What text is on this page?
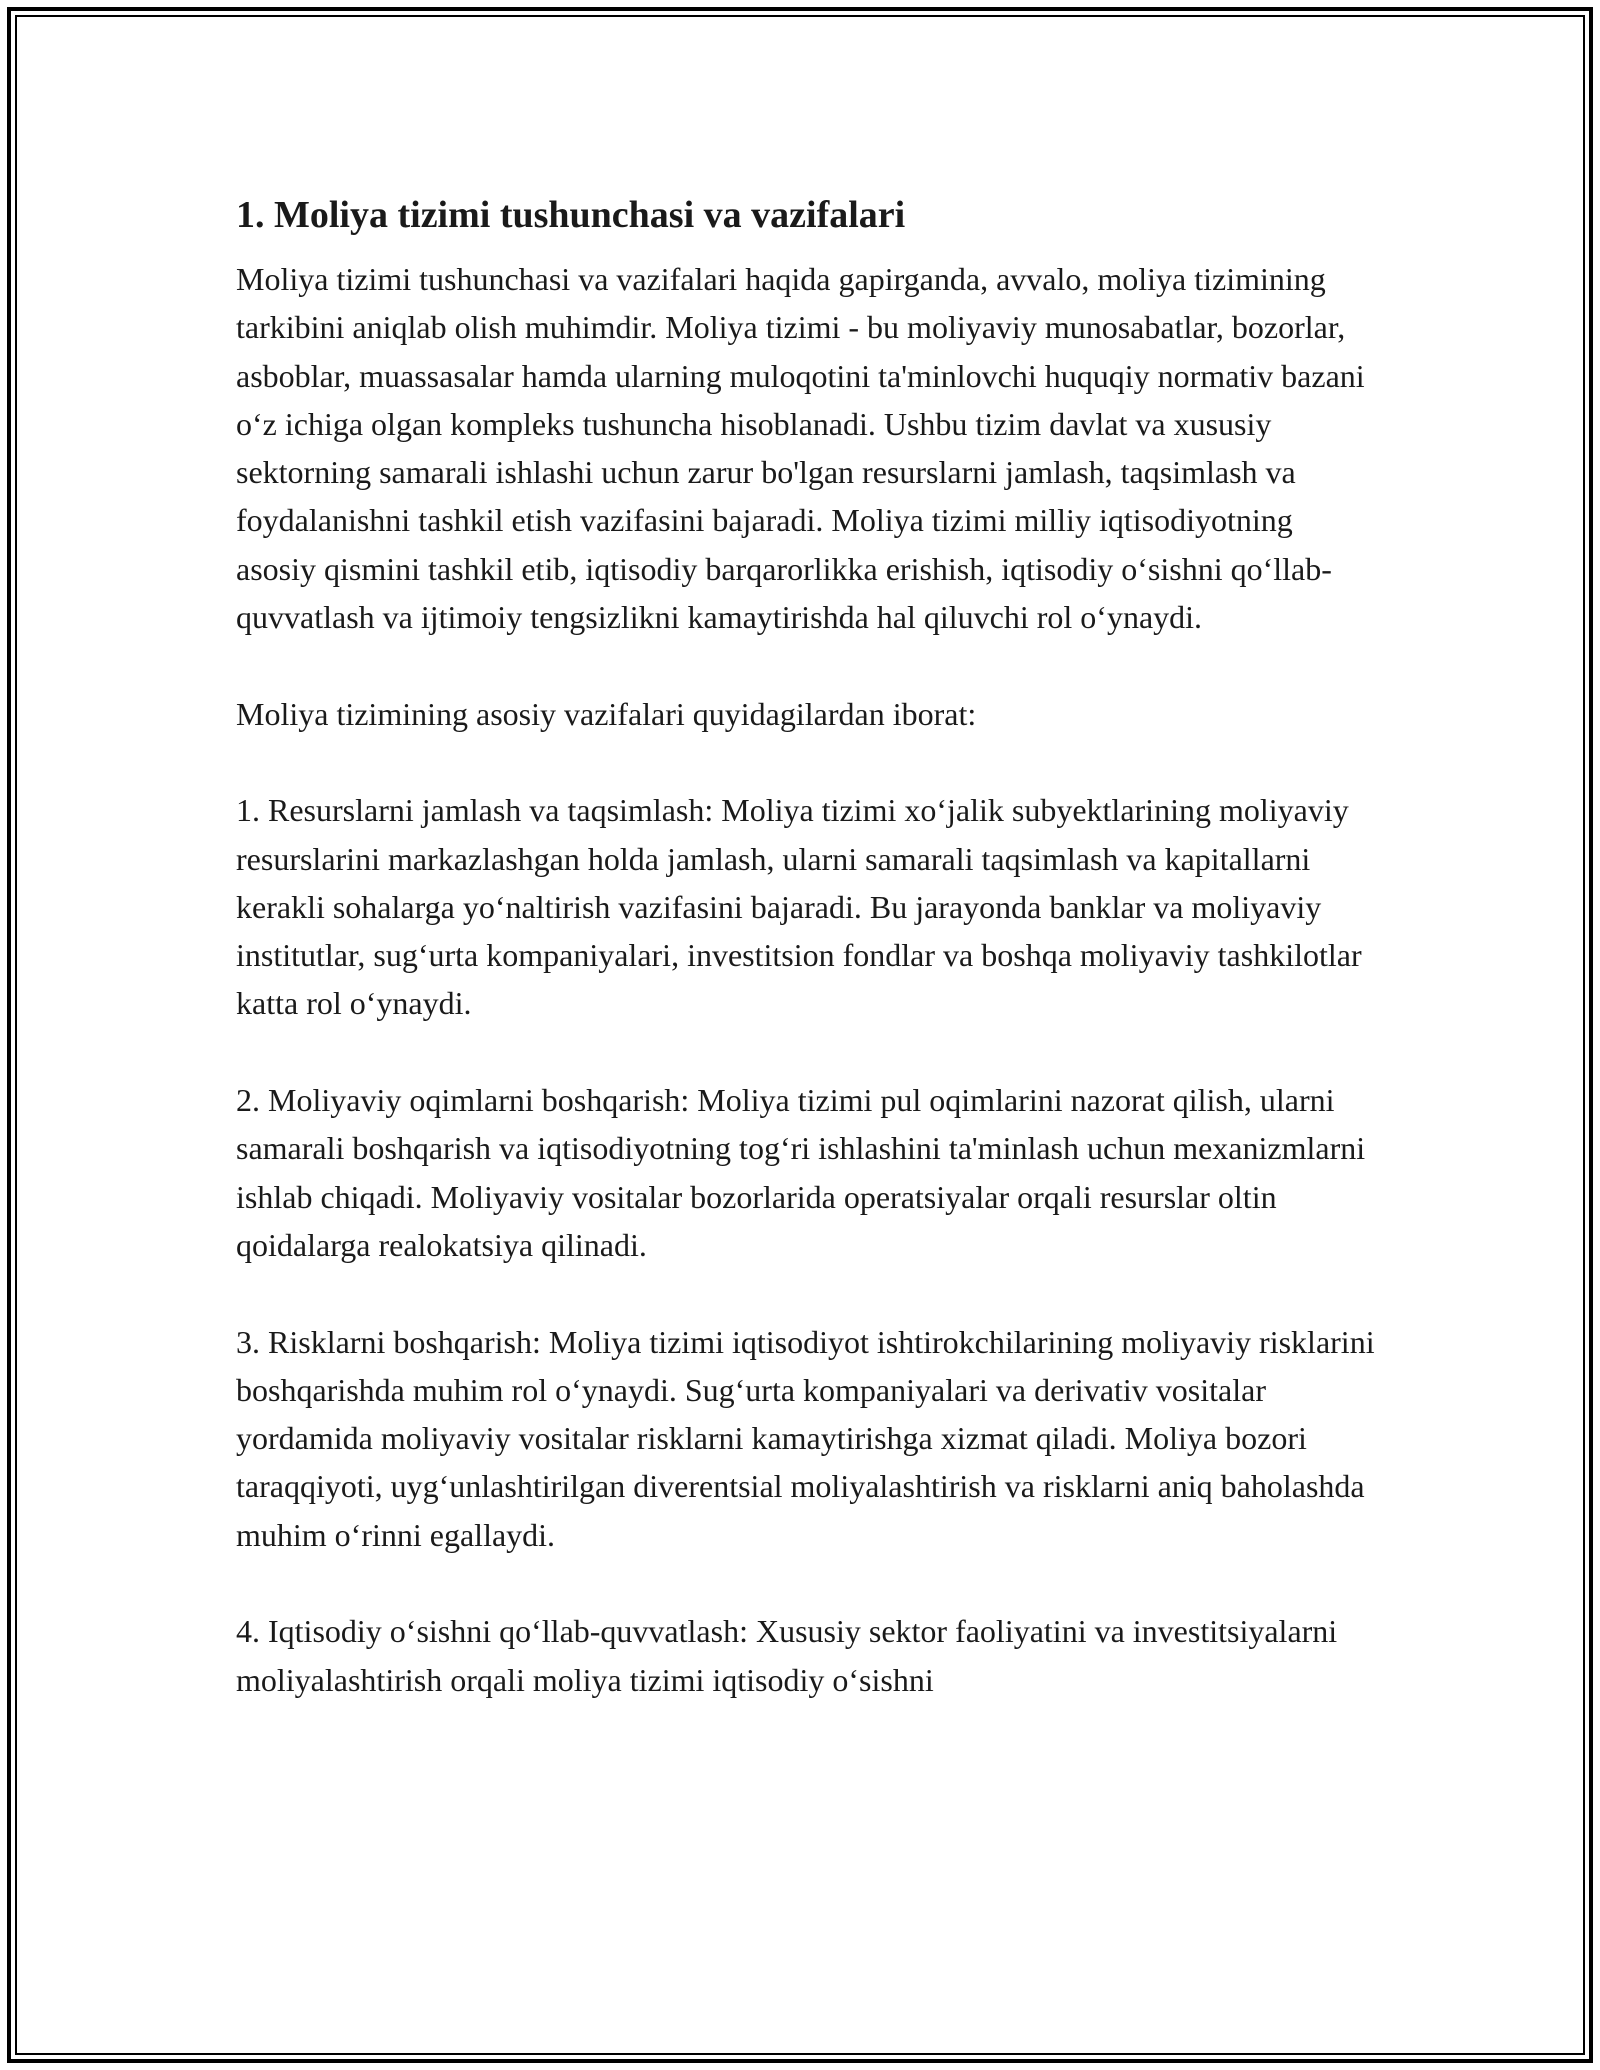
1. Moliya tizimi tushunchasi va vazifalari

Moliya tizimi tushunchasi va vazifalari haqida gapirganda, avvalo, moliya tizimining tarkibini aniqlab olish muhimdir. Moliya tizimi - bu moliyaviy munosabatlar, bozorlar, asboblar, muassasalar hamda ularning muloqotini ta'minlovchi huquqiy normativ bazani o‘z ichiga olgan kompleks tushuncha hisoblanadi. Ushbu tizim davlat va xususiy sektorning samarali ishlashi uchun zarur bo'lgan resurslarni jamlash, taqsimlash va foydalanishni tashkil etish vazifasini bajaradi. Moliya tizimi milliy iqtisodiyotning asosiy qismini tashkil etib, iqtisodiy barqarorlikka erishish, iqtisodiy o‘sishni qo‘llab-quvvatlash va ijtimoiy tengsizlikni kamaytirishda hal qiluvchi rol o‘ynaydi.

Moliya tizimining asosiy vazifalari quyidagilardan iborat:

1. Resurslarni jamlash va taqsimlash: Moliya tizimi xo‘jalik subyektlarining moliyaviy resurslarini markazlashgan holda jamlash, ularni samarali taqsimlash va kapitallarni kerakli sohalarga yo‘naltirish vazifasini bajaradi. Bu jarayonda banklar va moliyaviy institutlar, sug‘urta kompaniyalari, investitsion fondlar va boshqa moliyaviy tashkilotlar katta rol o‘ynaydi.

2. Moliyaviy oqimlarni boshqarish: Moliya tizimi pul oqimlarini nazorat qilish, ularni samarali boshqarish va iqtisodiyotning tog‘ri ishlashini ta'minlash uchun mexanizmlarni ishlab chiqadi. Moliyaviy vositalar bozorlarida operatsiyalar orqali resurslar oltin qoidalarga realokatsiya qilinadi.

3. Risklarni boshqarish: Moliya tizimi iqtisodiyot ishtirokchilarining moliyaviy risklarini boshqarishda muhim rol o‘ynaydi. Sug‘urta kompaniyalari va derivativ vositalar yordamida moliyaviy vositalar risklarni kamaytirishga xizmat qiladi. Moliya bozori taraqqiyoti, uyg‘unlashtirilgan diverentsial moliyalashtirish va risklarni aniq baholashda muhim o‘rinni egallaydi.

4. Iqtisodiy o‘sishni qo‘llab-quvvatlash: Xususiy sektor faoliyatini va investitsiyalarni moliyalashtirish orqali moliya tizimi iqtisodiy o‘sishni
